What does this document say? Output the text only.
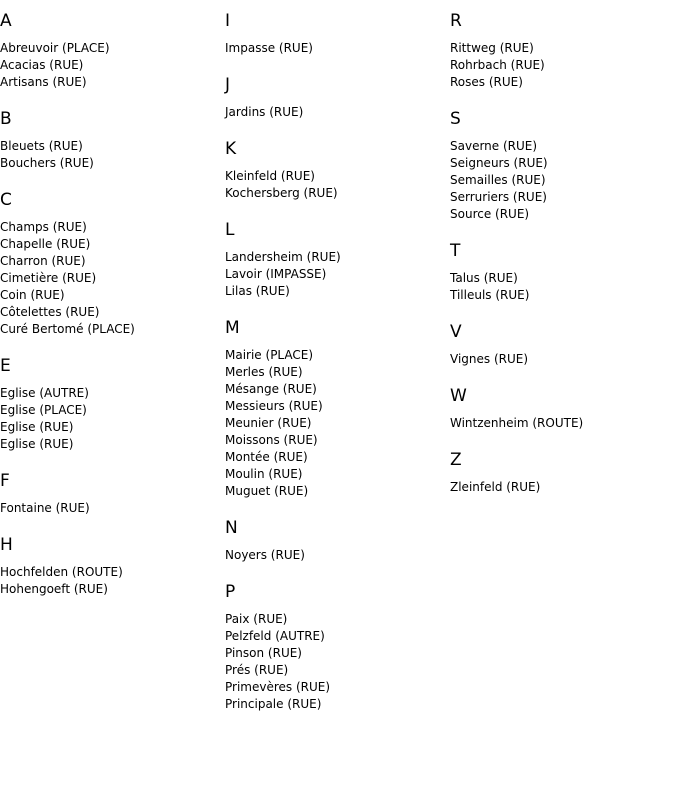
A
Abreuvoir (PLACE)
Acacias (RUE)
Artisans (RUE)
B
Bleuets (RUE)
Bouchers (RUE)
C
Champs (RUE)
Chapelle (RUE)
Charron (RUE)
Cimetière (RUE)
Coin (RUE)
Côtelettes (RUE)
Curé Bertomé (PLACE)
E
Eglise (AUTRE)
Eglise (PLACE)
Eglise (RUE)
Eglise (RUE)
F
Fontaine (RUE)
H
Hochfelden (ROUTE)
Hohengoeft (RUE)
I
Impasse (RUE)
J
Jardins (RUE)
K
Kleinfeld (RUE)
Kochersberg (RUE)
L
Landersheim (RUE)
Lavoir (IMPASSE)
Lilas (RUE)
M
Mairie (PLACE)
Merles (RUE)
Mésange (RUE)
Messieurs (RUE)
Meunier (RUE)
Moissons (RUE)
Montée (RUE)
Moulin (RUE)
Muguet (RUE)
N
Noyers (RUE)
P
Paix (RUE)
Pelzfeld (AUTRE)
Pinson (RUE)
Prés (RUE)
Primevères (RUE)
Principale (RUE)
R
Rittweg (RUE)
Rohrbach (RUE)
Roses (RUE)
S
Saverne (RUE)
Seigneurs (RUE)
Semailles (RUE)
Serruriers (RUE)
Source (RUE)
T
Talus (RUE)
Tilleuls (RUE)
V
Vignes (RUE)
W
Wintzenheim (ROUTE)
Z
Zleinfeld (RUE)
